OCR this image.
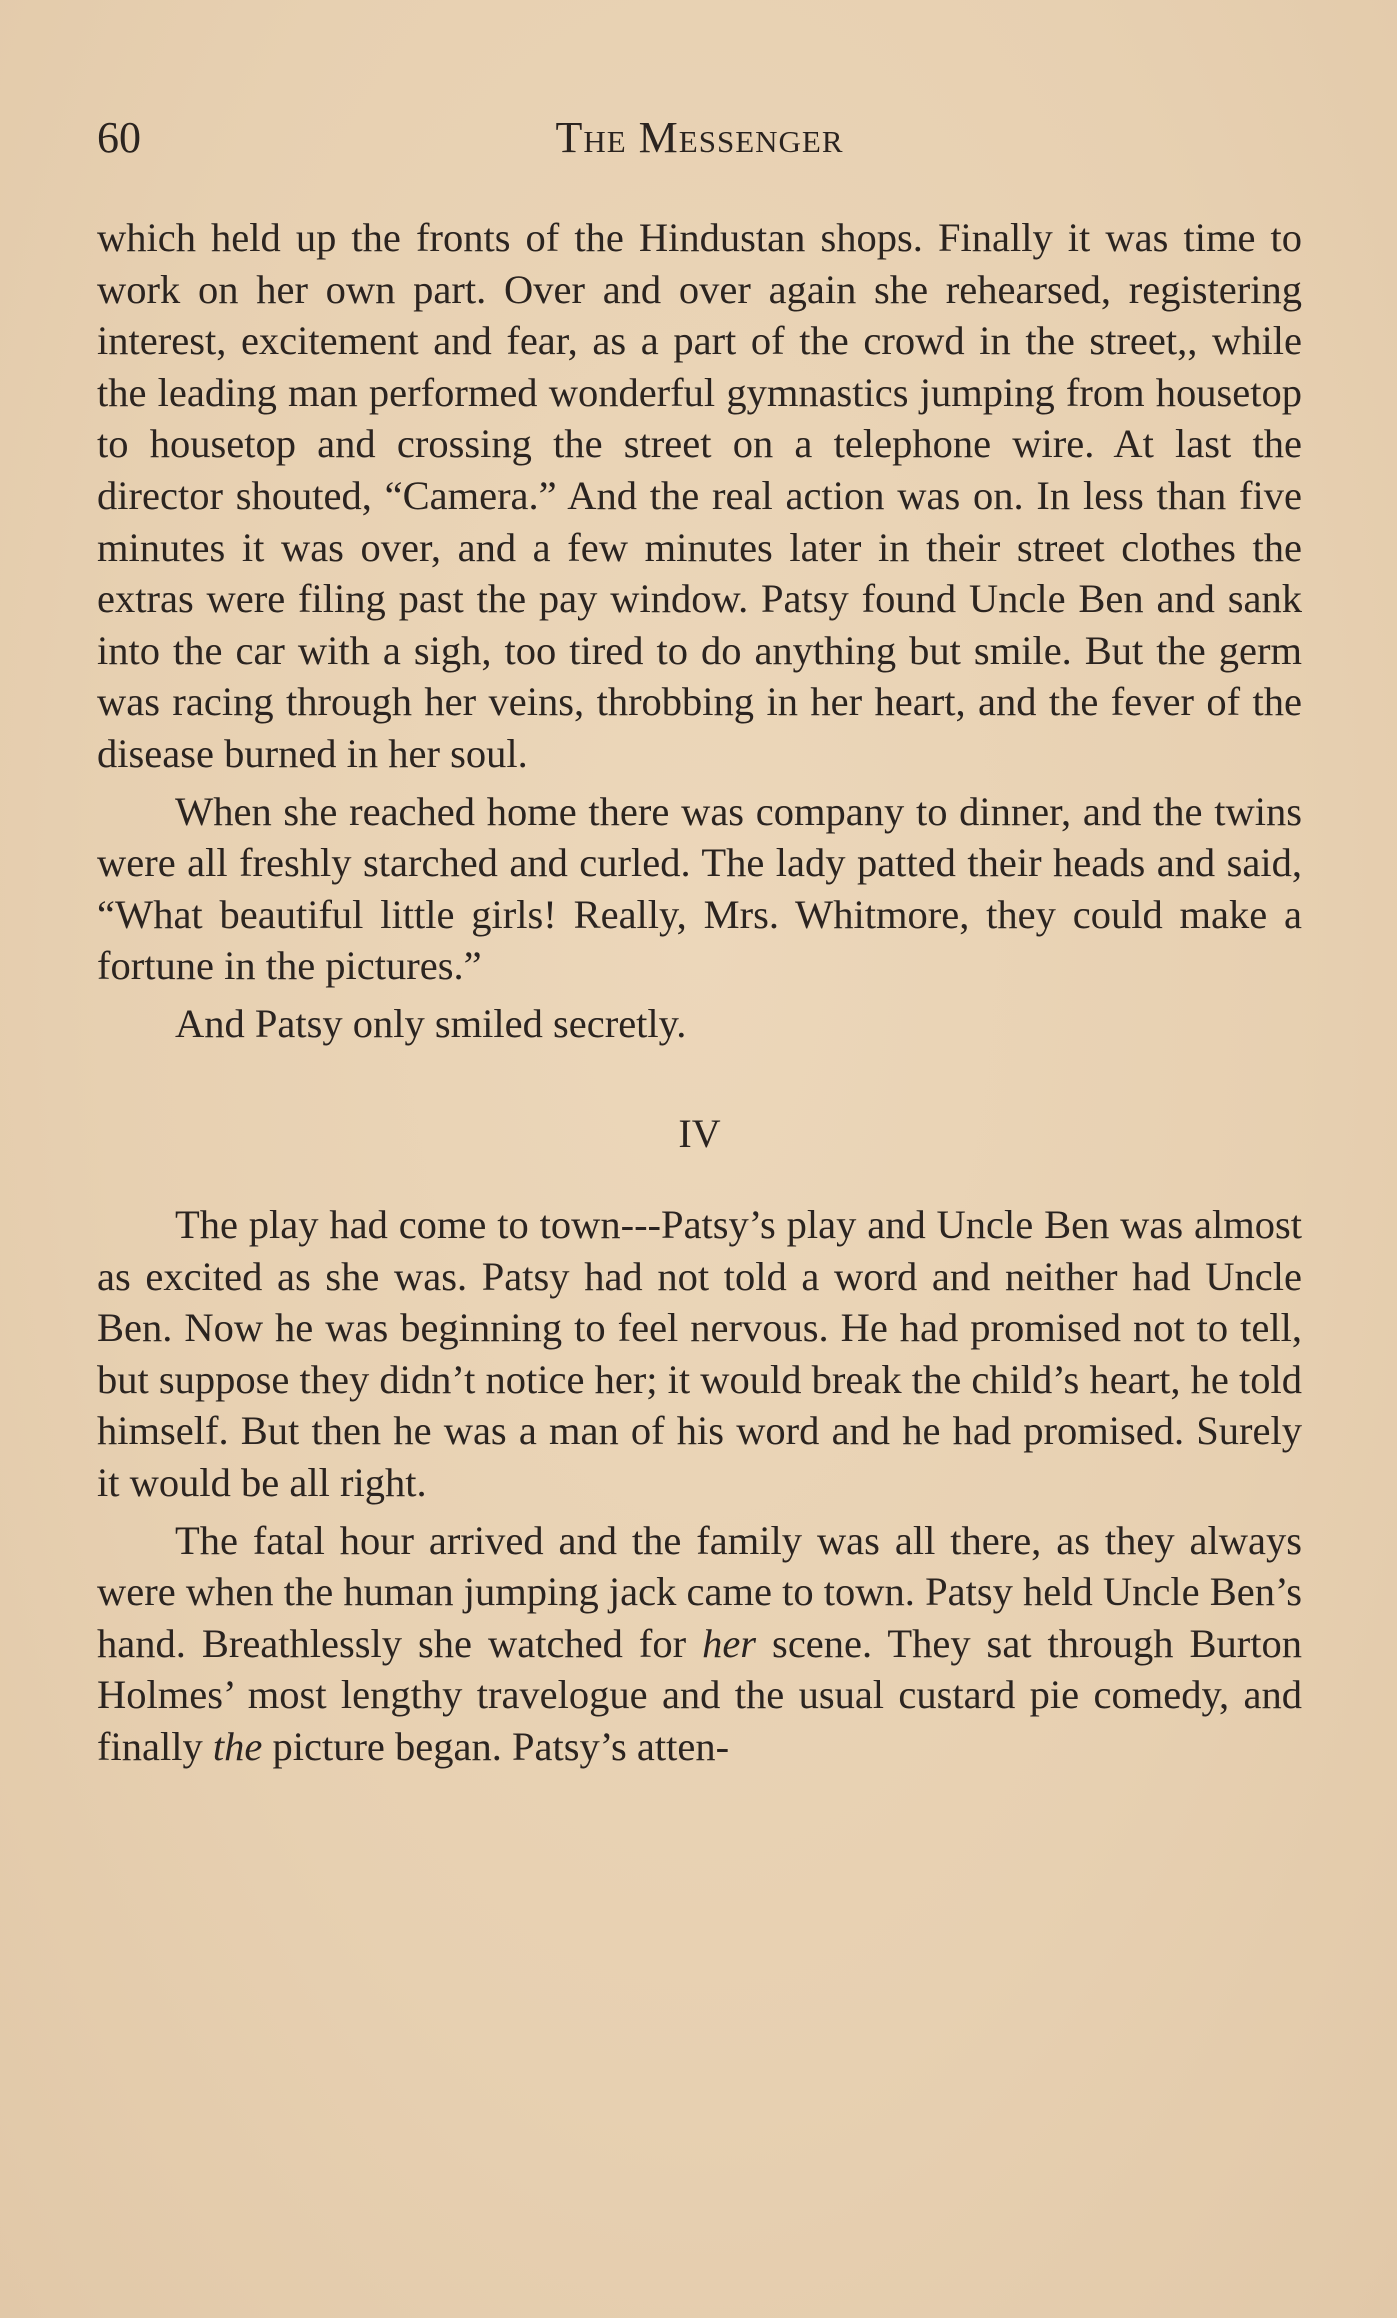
60	The Messenger

which held up the fronts of the Hindustan shops. Finally it was time to work on her own part. Over and over again she rehearsed, registering interest, excitement and fear, as a part of the crowd in the street,, while the leading man performed wonderful gymnastics jumping from housetop to housetop and crossing the street on a telephone wire. At last the director shouted, “Camera.” And the real action was on. In less than five minutes it was over, and a few minutes later in their street clothes the extras were filing past the pay window. Patsy found Uncle Ben and sank into the car with a sigh, too tired to do anything but smile. But the germ was racing through her veins, throbbing in her heart, and the fever of the disease burned in her soul.

When she reached home there was company to dinner, and the twins were all freshly starched and curled. The lady patted their heads and said, “What beautiful little girls! Really, Mrs. Whitmore, they could make a fortune in the pictures.”

And Patsy only smiled secretly.

IV

The play had come to town---Patsy’s play and Uncle Ben was almost as excited as she was. Patsy had not told a word and neither had Uncle Ben. Now he was beginning to feel nervous. He had promised not to tell, but suppose they didn’t notice her; it would break the child’s heart, he told himself. But then he was a man of his word and he had promised. Surely it would be all right.

The fatal hour arrived and the family was all there, as they always were when the human jumping jack came to town. Patsy held Uncle Ben’s hand. Breathlessly she watched for her scene. They sat through Burton Holmes’ most lengthy travelogue and the usual custard pie comedy, and finally the picture began. Patsy’s atten-
